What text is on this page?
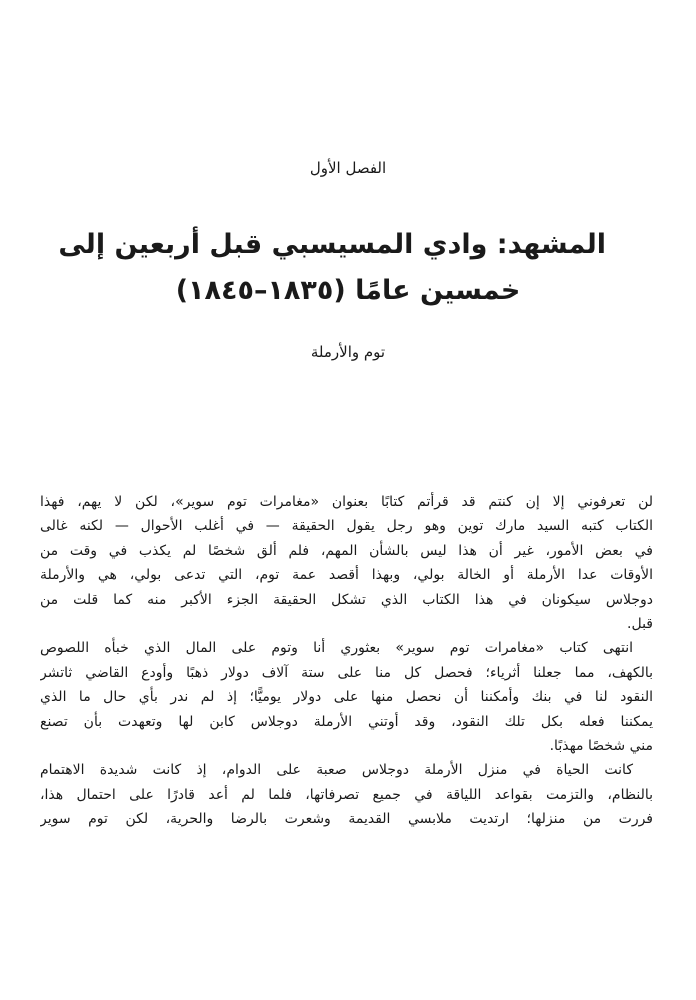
الفصل الأول
المشهد: وادي المسيسبي قبل أربعين إلى
خمسين عامًا (١٨٣٥–١٨٤٥)
توم والأرملة
لن تعرفوني إلا إن كنتم قد قرأتم كتابًا بعنوان «مغامرات توم سوير»، لكن لا يهم، فهذا
الكتاب كتبه السيد مارك توين وهو رجل يقول الحقيقة — في أغلب الأحوال — لكنه غالى
في بعض الأمور، غير أن هذا ليس بالشأن المهم، فلم ألق شخصًا لم يكذب في وقت من
الأوقات عدا الأرملة أو الخالة بولي، وبهذا أقصد عمة توم، التي تدعى بولي، هي والأرملة
دوجلاس سيكونان في هذا الكتاب الذي تشكل الحقيقة الجزء الأكبر منه كما قلت من
قبل.
انتهى كتاب «مغامرات توم سوير» بعثوري أنا وتوم على المال الذي خبأه اللصوص
بالكهف، مما جعلنا أثرياء؛ فحصل كل منا على ستة آلاف دولار ذهبًا وأودع القاضي ثاتشر
النقود لنا في بنك وأمكننا أن نحصل منها على دولار يوميًّا؛ إذ لم ندر بأي حال ما الذي
يمكننا فعله بكل تلك النقود، وقد أوتني الأرملة دوجلاس كابن لها وتعهدت بأن تصنع
مني شخصًا مهذبًا.
كانت الحياة في منزل الأرملة دوجلاس صعبة على الدوام، إذ كانت شديدة الاهتمام
بالنظام، والتزمت بقواعد اللياقة في جميع تصرفاتها، فلما لم أعد قادرًا على احتمال هذا،
فررت من منزلها؛ ارتديت ملابسي القديمة وشعرت بالرضا والحرية، لكن توم سوير
